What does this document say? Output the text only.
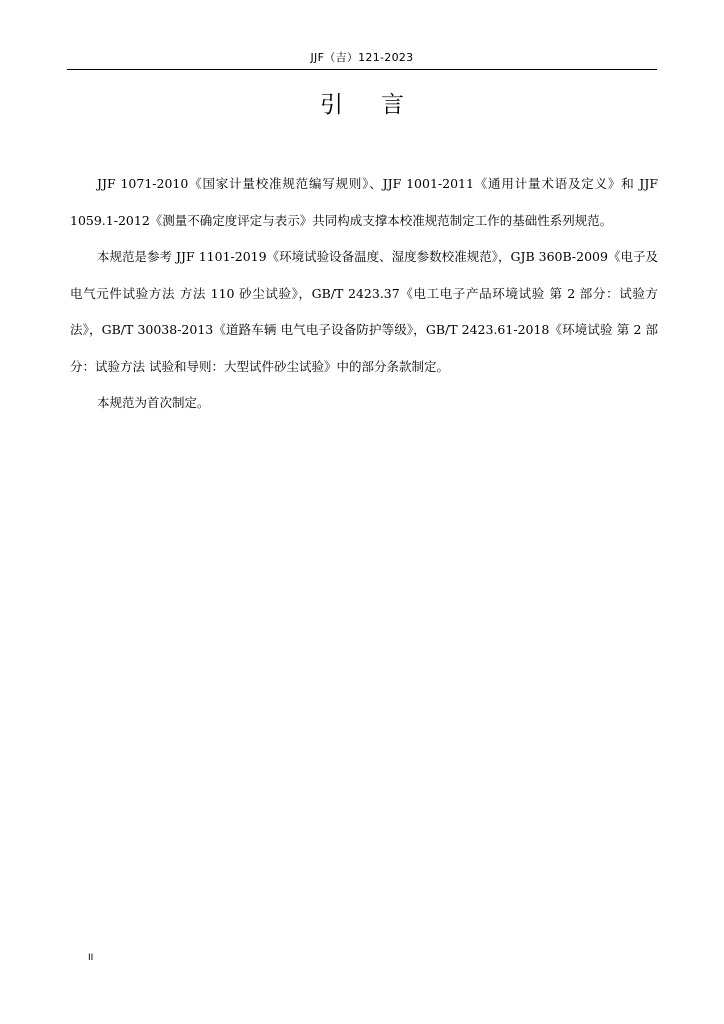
JJF（吉）121-2023
引言

JJF 1071-2010《国家计量校准规范编写规则》、JJF 1001-2011《通用计量术语及定义》和 JJF 1059.1-2012《测量不确定度评定与表示》共同构成支撑本校准规范制定工作的基础性系列规范。

本规范是参考 JJF 1101-2019《环境试验设备温度、湿度参数校准规范》，GJB 360B-2009《电子及电气元件试验方法 方法 110 砂尘试验》，GB/T 2423.37《电工电子产品环境试验 第 2 部分：试验方法》，GB/T 30038-2013《道路车辆 电气电子设备防护等级》，GB/T 2423.61-2018《环境试验 第 2 部分：试验方法 试验和导则：大型试件砂尘试验》中的部分条款制定。

本规范为首次制定。

II
